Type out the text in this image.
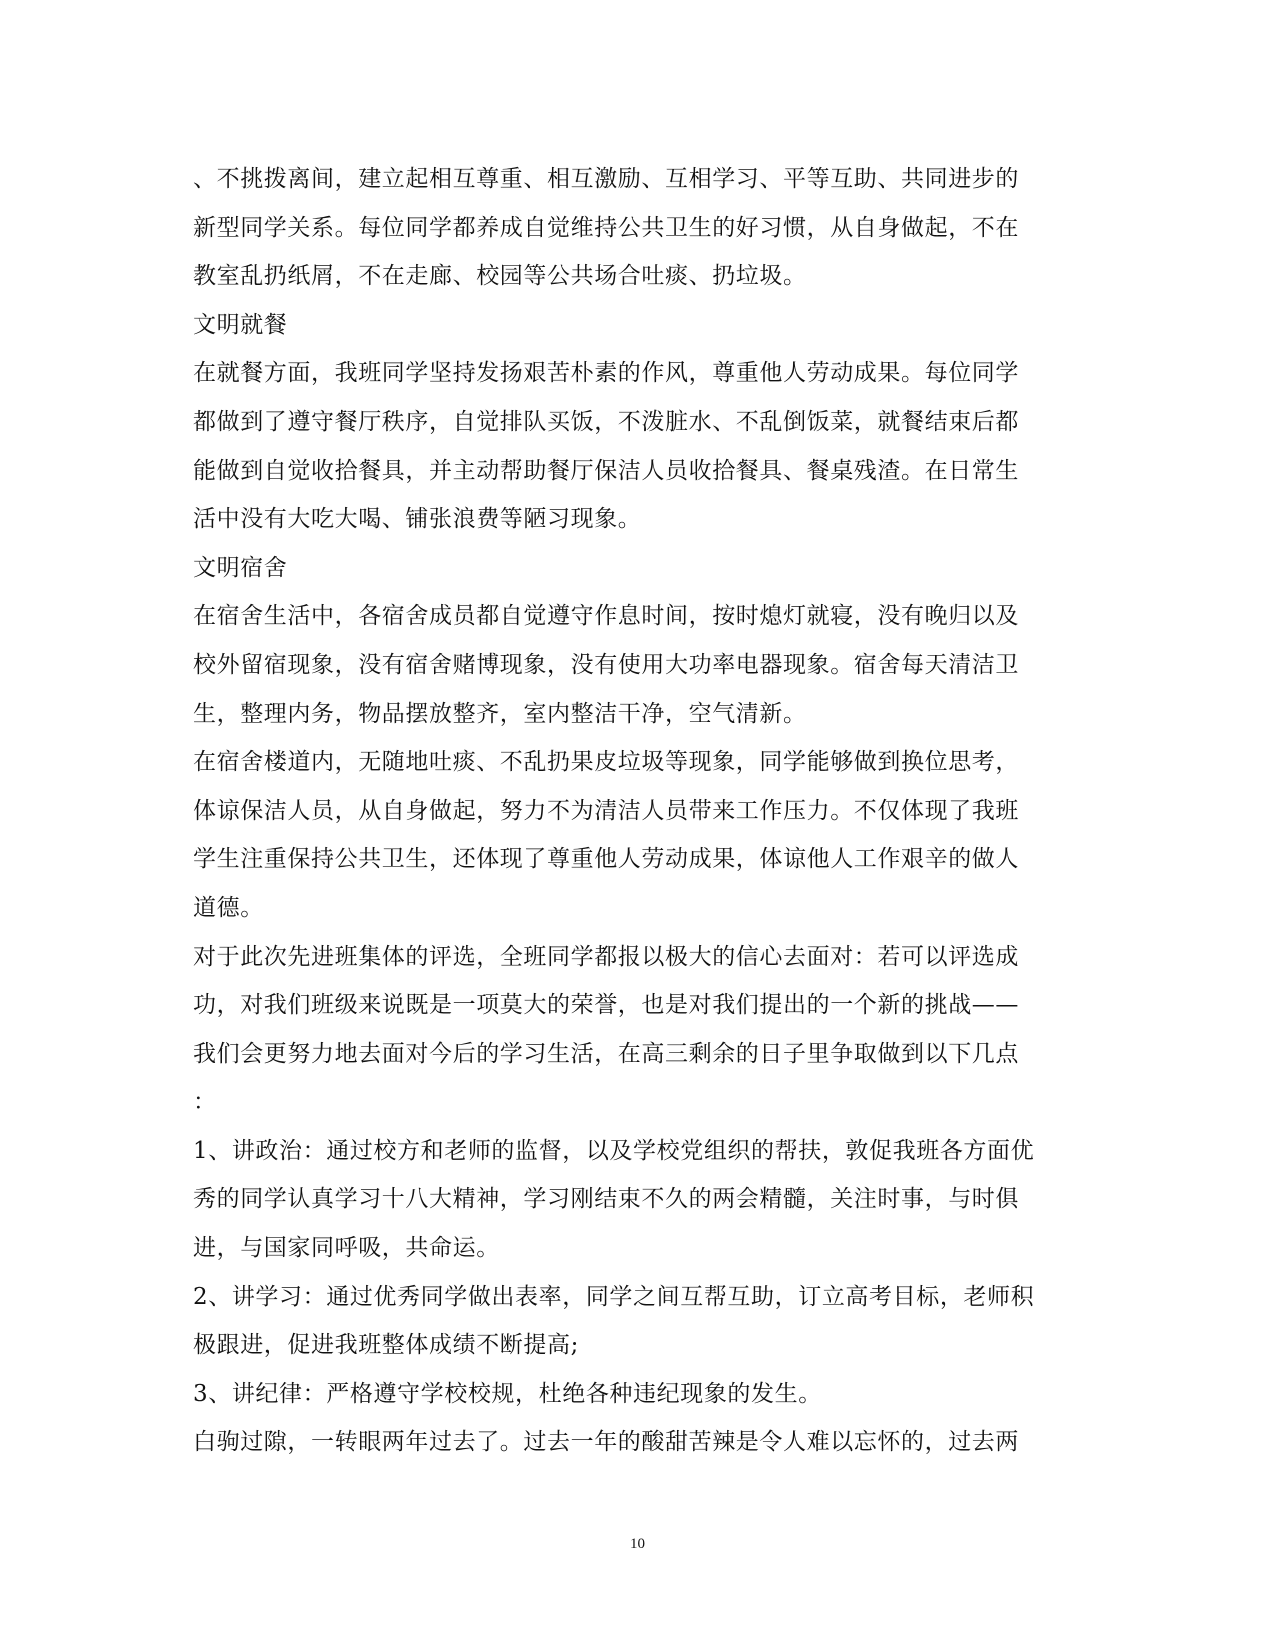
、不挑拨离间，建立起相互尊重、相互激励、互相学习、平等互助、共同进步的
新型同学关系。每位同学都养成自觉维持公共卫生的好习惯，从自身做起，不在
教室乱扔纸屑，不在走廊、校园等公共场合吐痰、扔垃圾。
文明就餐
在就餐方面，我班同学坚持发扬艰苦朴素的作风，尊重他人劳动成果。每位同学
都做到了遵守餐厅秩序，自觉排队买饭，不泼脏水、不乱倒饭菜，就餐结束后都
能做到自觉收拾餐具，并主动帮助餐厅保洁人员收拾餐具、餐桌残渣。在日常生
活中没有大吃大喝、铺张浪费等陋习现象。
文明宿舍
在宿舍生活中，各宿舍成员都自觉遵守作息时间，按时熄灯就寝，没有晚归以及
校外留宿现象，没有宿舍赌博现象，没有使用大功率电器现象。宿舍每天清洁卫
生，整理内务，物品摆放整齐，室内整洁干净，空气清新。
在宿舍楼道内，无随地吐痰、不乱扔果皮垃圾等现象，同学能够做到换位思考，
体谅保洁人员，从自身做起，努力不为清洁人员带来工作压力。不仅体现了我班
学生注重保持公共卫生，还体现了尊重他人劳动成果，体谅他人工作艰辛的做人
道德。
对于此次先进班集体的评选，全班同学都报以极大的信心去面对：若可以评选成
功，对我们班级来说既是一项莫大的荣誉，也是对我们提出的一个新的挑战——
我们会更努力地去面对今后的学习生活，在高三剩余的日子里争取做到以下几点
：
1、讲政治：通过校方和老师的监督，以及学校党组织的帮扶，敦促我班各方面优
秀的同学认真学习十八大精神，学习刚结束不久的两会精髓，关注时事，与时俱
进，与国家同呼吸，共命运。
2、讲学习：通过优秀同学做出表率，同学之间互帮互助，订立高考目标，老师积
极跟进，促进我班整体成绩不断提高;
3、讲纪律：严格遵守学校校规，杜绝各种违纪现象的发生。
白驹过隙，一转眼两年过去了。过去一年的酸甜苦辣是令人难以忘怀的，过去两
10
